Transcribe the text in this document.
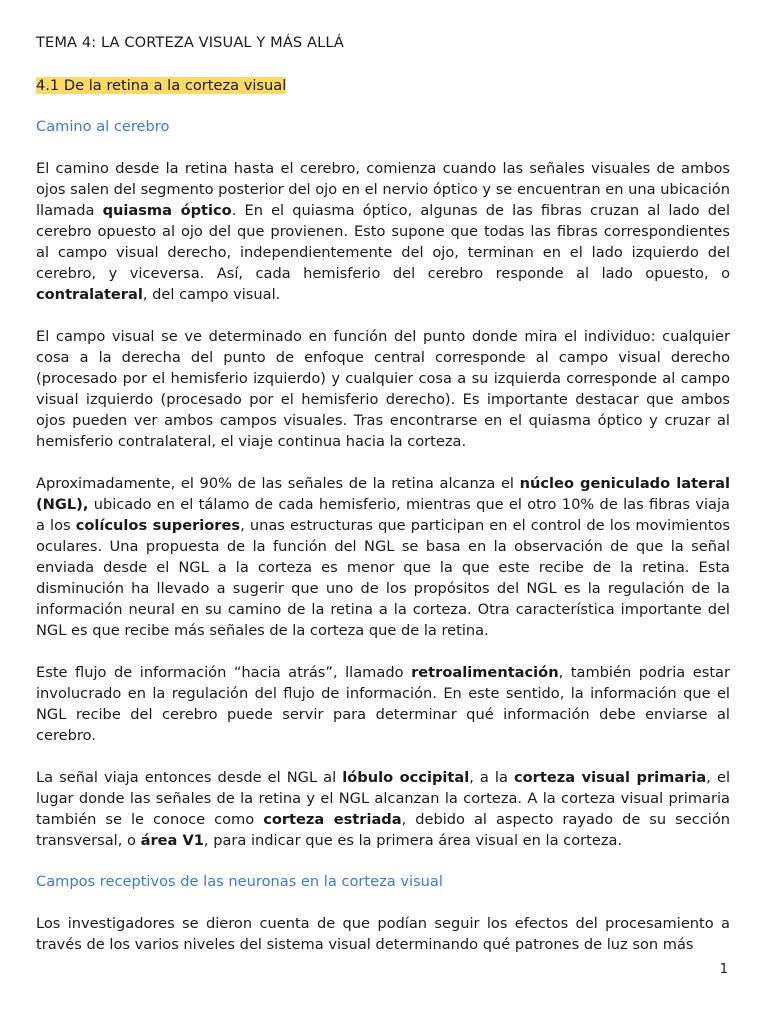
TEMA 4: LA CORTEZA VISUAL Y MÁS ALLÁ
4.1 De la retina a la corteza visual
Camino al cerebro

El camino desde la retina hasta el cerebro, comienza cuando las señales visuales de ambos ojos salen del segmento posterior del ojo en el nervio óptico y se encuentran en una ubicación llamada quiasma óptico. En el quiasma óptico, algunas de las fibras cruzan al lado del cerebro opuesto al ojo del que provienen. Esto supone que todas las fibras correspondientes al campo visual derecho, independientemente del ojo, terminan en el lado izquierdo del cerebro, y viceversa. Así, cada hemisferio del cerebro responde al lado opuesto, o contralateral, del campo visual.

El campo visual se ve determinado en función del punto donde mira el individuo: cualquier cosa a la derecha del punto de enfoque central corresponde al campo visual derecho (procesado por el hemisferio izquierdo) y cualquier cosa a su izquierda corresponde al campo visual izquierdo (procesado por el hemisferio derecho). Es importante destacar que ambos ojos pueden ver ambos campos visuales. Tras encontrarse en el quiasma óptico y cruzar al hemisferio contralateral, el viaje continua hacia la corteza.

Aproximadamente, el 90% de las señales de la retina alcanza el núcleo geniculado lateral (NGL), ubicado en el tálamo de cada hemisferio, mientras que el otro 10% de las fibras viaja a los colículos superiores, unas estructuras que participan en el control de los movimientos oculares. Una propuesta de la función del NGL se basa en la observación de que la señal enviada desde el NGL a la corteza es menor que la que este recibe de la retina. Esta disminución ha llevado a sugerir que uno de los propósitos del NGL es la regulación de la información neural en su camino de la retina a la corteza. Otra característica importante del NGL es que recibe más señales de la corteza que de la retina.

Este flujo de información “hacia atrás”, llamado retroalimentación, también podria estar involucrado en la regulación del flujo de información. En este sentido, la información que el NGL recibe del cerebro puede servir para determinar qué información debe enviarse al cerebro.

La señal viaja entonces desde el NGL al lóbulo occipital, a la corteza visual primaria, el lugar donde las señales de la retina y el NGL alcanzan la corteza. A la corteza visual primaria también se le conoce como corteza estriada, debido al aspecto rayado de su sección transversal, o área V1, para indicar que es la primera área visual en la corteza.

Campos receptivos de las neuronas en la corteza visual

Los investigadores se dieron cuenta de que podían seguir los efectos del procesamiento a través de los varios niveles del sistema visual determinando qué patrones de luz son más

1
